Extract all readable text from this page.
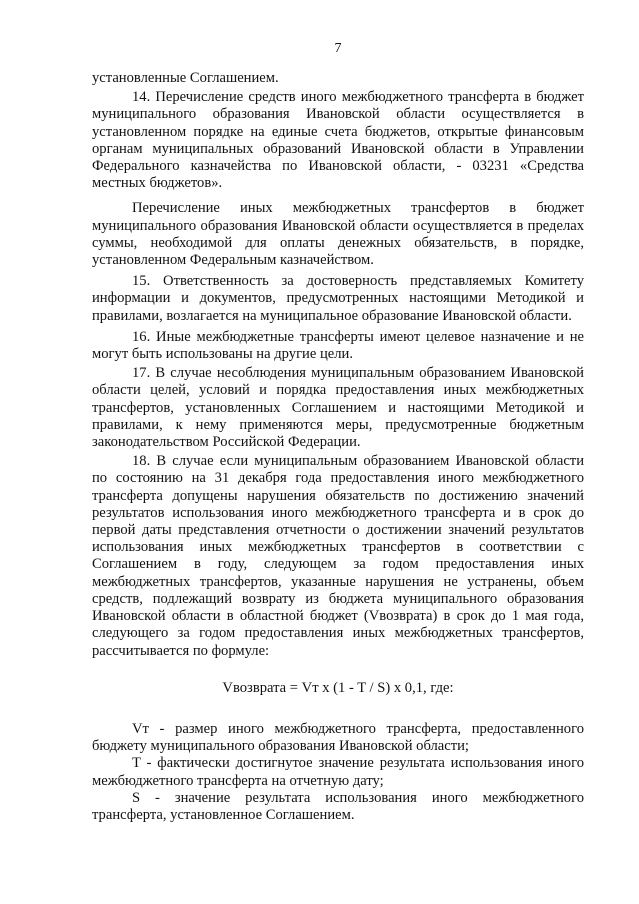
7

установленные Соглашением.

14. Перечисление средств иного межбюджетного трансферта в бюджет муниципального образования Ивановской области осуществляется в установленном порядке на единые счета бюджетов, открытые финансовым органам муниципальных образований Ивановской области в Управлении Федерального казначейства по Ивановской области, - 03231 «Средства местных бюджетов».

Перечисление иных межбюджетных трансфертов в бюджет муниципального образования Ивановской области осуществляется в пределах суммы, необходимой для оплаты денежных обязательств, в порядке, установленном Федеральным казначейством.

15. Ответственность за достоверность представляемых Комитету информации и документов, предусмотренных настоящими Методикой и правилами, возлагается на муниципальное образование Ивановской области.

16. Иные межбюджетные трансферты имеют целевое назначение и не могут быть использованы на другие цели.

17. В случае несоблюдения муниципальным образованием Ивановской области целей, условий и порядка предоставления иных межбюджетных трансфертов, установленных Соглашением и настоящими Методикой и правилами, к нему применяются меры, предусмотренные бюджетным законодательством Российской Федерации.

18. В случае если муниципальным образованием Ивановской области по состоянию на 31 декабря года предоставления иного межбюджетного трансферта допущены нарушения обязательств по достижению значений результатов использования иного межбюджетного трансферта и в срок до первой даты представления отчетности о достижении значений результатов использования иных межбюджетных трансфертов в соответствии с Соглашением в году, следующем за годом предоставления иных межбюджетных трансфертов, указанные нарушения не устранены, объем средств, подлежащий возврату из бюджета муниципального образования Ивановской области в областной бюджет (Vвозврата) в срок до 1 мая года, следующего за годом предоставления иных межбюджетных трансфертов, рассчитывается по формуле:

Vвозврата = Vт x (1 - T / S) x 0,1, где:

Vт - размер иного межбюджетного трансферта, предоставленного бюджету муниципального образования Ивановской области;

T - фактически достигнутое значение результата использования иного межбюджетного трансферта на отчетную дату;

S - значение результата использования иного межбюджетного трансферта, установленное Соглашением.
